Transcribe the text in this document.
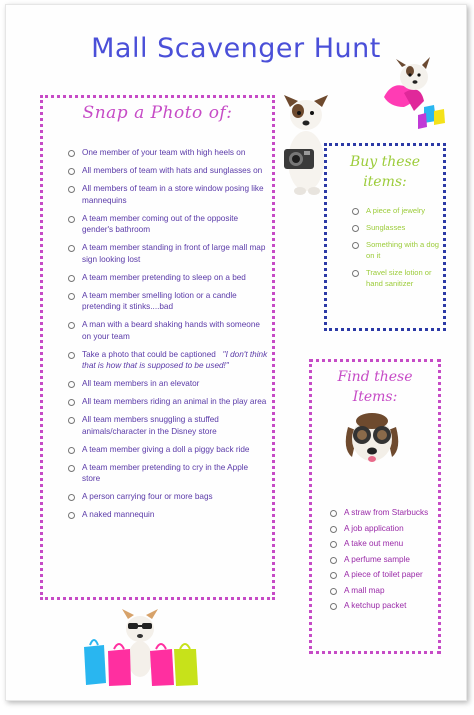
Mall Scavenger Hunt
Snap a Photo of:
One member of your team with high heels on
All members of team with hats and sunglasses on
All members of team in a store window posing like mannequins
A team member coming out of the opposite gender's bathroom
A team member standing in front of large mall map sign looking lost
A team member pretending to sleep on a bed
A team member smelling lotion or a candle pretending it stinks....bad
A man with a beard shaking hands with someone on your team
Take a photo that could be captioned "I don't think that is how that is supposed to be used!"
All team members in an elevator
All team members riding an animal in the play area
All team members snuggling a stuffed animals/character in the Disney store
A team member giving a doll a piggy back ride
A team member pretending to cry in the Apple store
A person carrying four or more bags
A naked mannequin
Buy these
items:
A piece of jewelry
Sunglasses
Something with a dog on it
Travel size lotion or hand sanitizer
Find these
Items:
A straw from Starbucks
A job application
A take out menu
A perfume sample
A piece of toilet paper
A mall map
A ketchup packet
